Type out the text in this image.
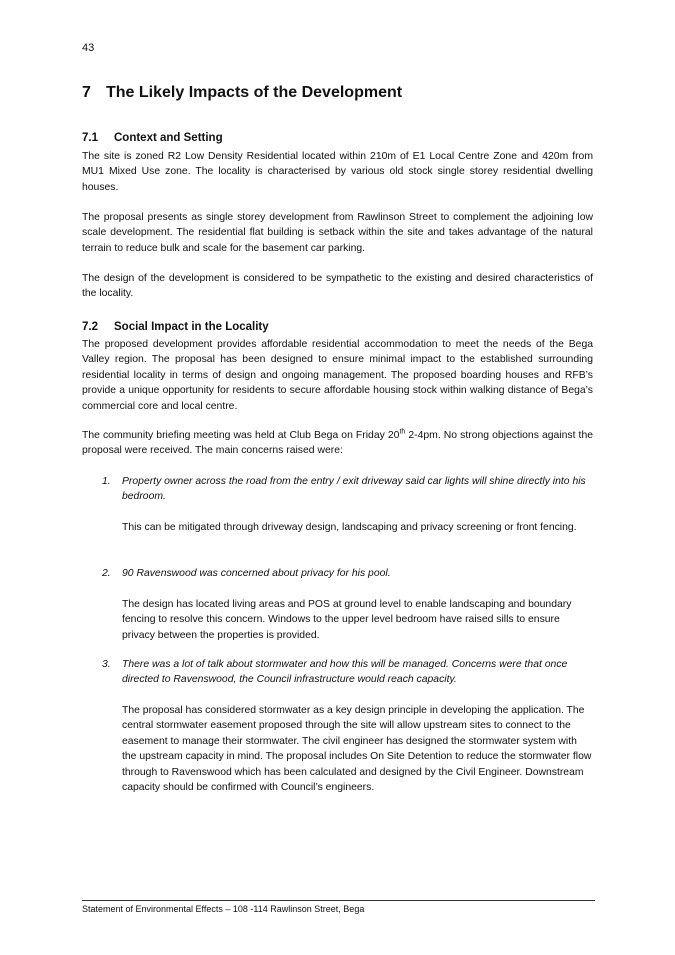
43
7 The Likely Impacts of the Development
7.1 Context and Setting

The site is zoned R2 Low Density Residential located within 210m of E1 Local Centre Zone and 420m from MU1 Mixed Use zone. The locality is characterised by various old stock single storey residential dwelling houses.

The proposal presents as single storey development from Rawlinson Street to complement the adjoining low scale development. The residential flat building is setback within the site and takes advantage of the natural terrain to reduce bulk and scale for the basement car parking.

The design of the development is considered to be sympathetic to the existing and desired characteristics of the locality.

7.2 Social Impact in the Locality

The proposed development provides affordable residential accommodation to meet the needs of the Bega Valley region. The proposal has been designed to ensure minimal impact to the established surrounding residential locality in terms of design and ongoing management. The proposed boarding houses and RFB’s provide a unique opportunity for residents to secure affordable housing stock within walking distance of Bega’s commercial core and local centre.

The community briefing meeting was held at Club Bega on Friday 20th 2-4pm. No strong objections against the proposal were received. The main concerns raised were:

1. Property owner across the road from the entry / exit driveway said car lights will shine directly into his bedroom.

This can be mitigated through driveway design, landscaping and privacy screening or front fencing.

2. 90 Ravenswood was concerned about privacy for his pool.

The design has located living areas and POS at ground level to enable landscaping and boundary fencing to resolve this concern. Windows to the upper level bedroom have raised sills to ensure privacy between the properties is provided.

3. There was a lot of talk about stormwater and how this will be managed. Concerns were that once directed to Ravenswood, the Council infrastructure would reach capacity.

The proposal has considered stormwater as a key design principle in developing the application. The central stormwater easement proposed through the site will allow upstream sites to connect to the easement to manage their stormwater. The civil engineer has designed the stormwater system with the upstream capacity in mind. The proposal includes On Site Detention to reduce the stormwater flow through to Ravenswood which has been calculated and designed by the Civil Engineer. Downstream capacity should be confirmed with Council’s engineers.

Statement of Environmental Effects – 108 -114 Rawlinson Street, Bega
